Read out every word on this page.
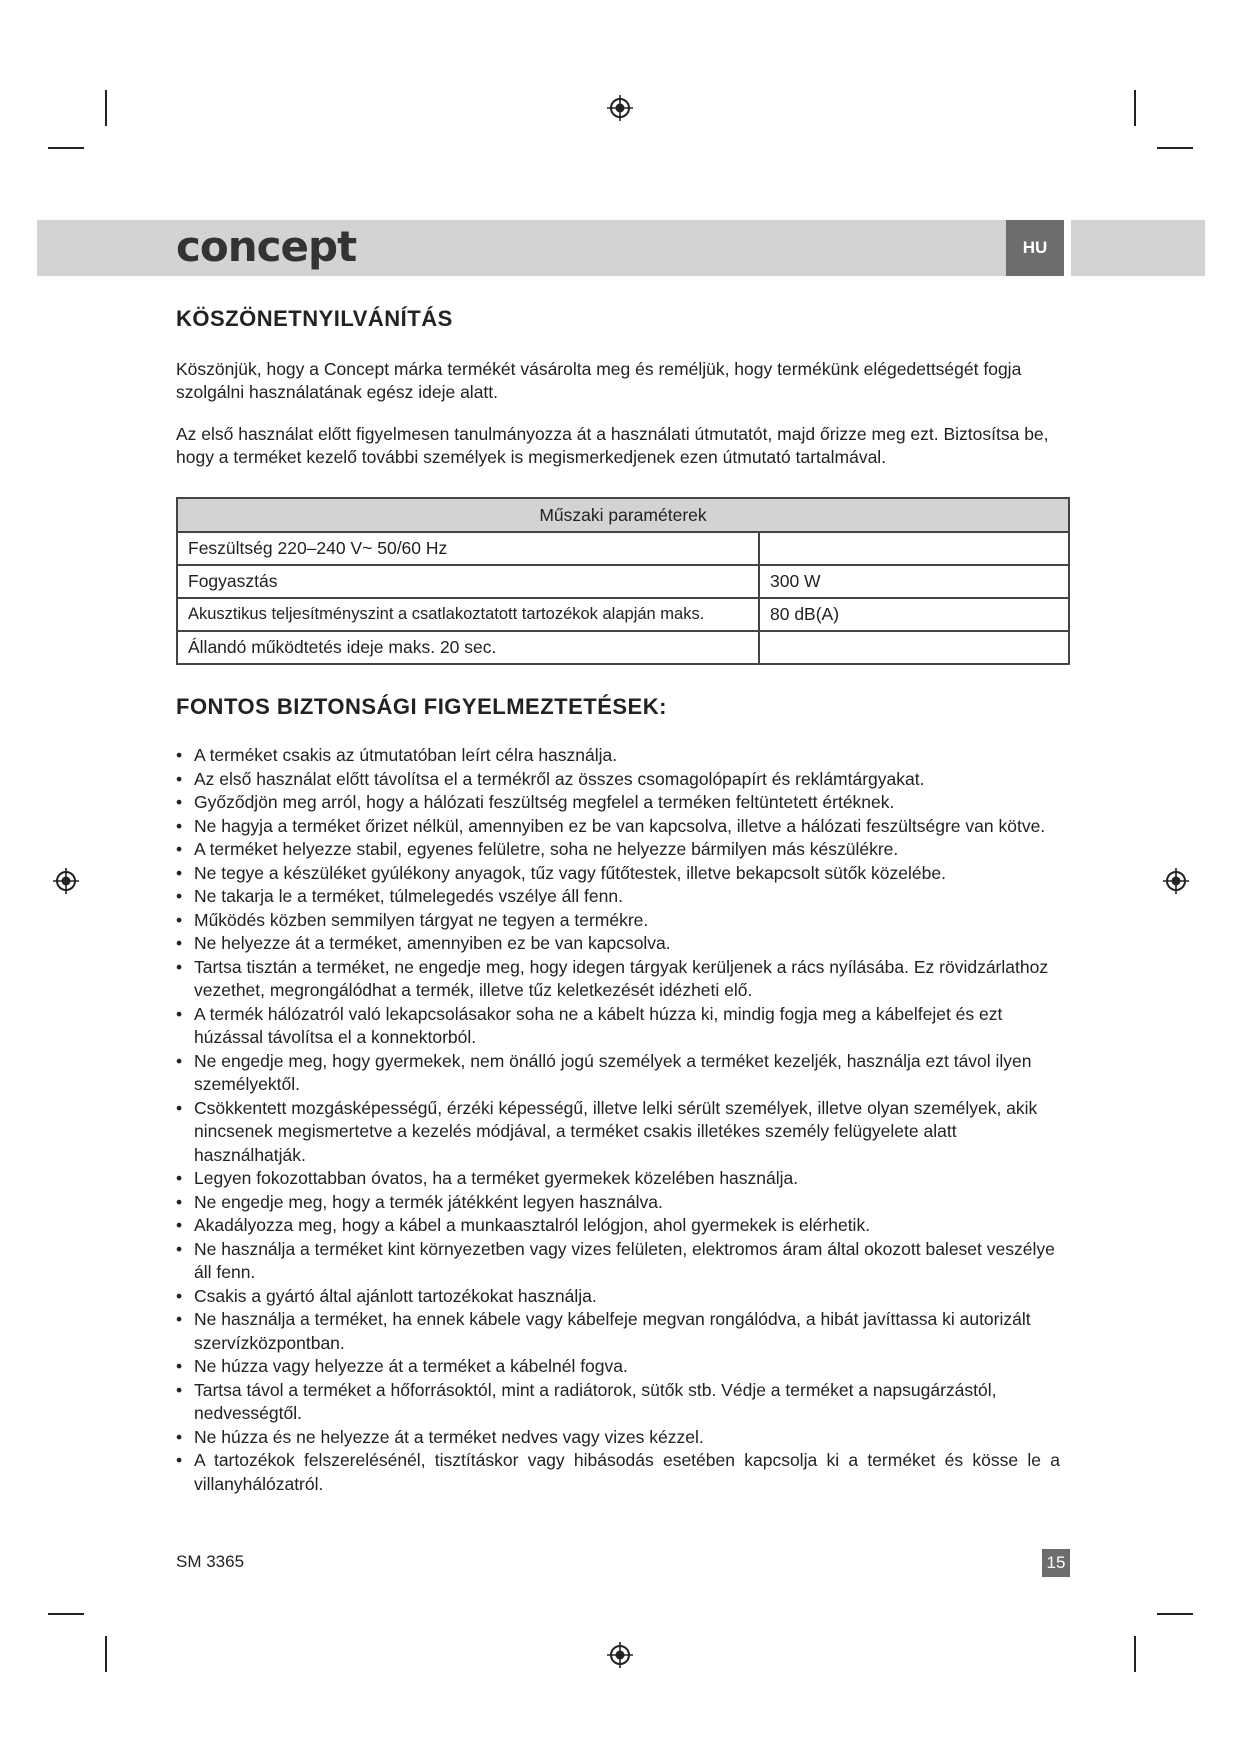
concept	HU
KÖSZÖNETNYILVÁNÍTÁS

Köszönjük, hogy a Concept márka termékét vásárolta meg és reméljük, hogy termékünk elégedettségét fogja szolgálni használatának egész ideje alatt.

Az első használat előtt figyelmesen tanulmányozza át a használati útmutatót, majd őrizze meg ezt. Biztosítsa be, hogy a terméket kezelő további személyek is megismerkedjenek ezen útmutató tartalmával.

Műszaki paraméterek	
Feszültség 220–240 V~ 50/60 Hz	
Fogyasztás	300 W
Akusztikus teljesítményszint a csatlakoztatott tartozékok alapján maks.	80 dB(A)
Állandó működtetés ideje maks. 20 sec.	
FONTOS BIZTONSÁGI FIGYELMEZTETÉSEK:
• A terméket csakis az útmutatóban leírt célra használja.
• Az első használat előtt távolítsa el a termékről az összes csomagolópapírt és reklámtárgyakat.
• Győződjön meg arról, hogy a hálózati feszültség megfelel a terméken feltüntetett értéknek.
• Ne hagyja a terméket őrizet nélkül, amennyiben ez be van kapcsolva, illetve a hálózati feszültségre van kötve.
• A terméket helyezze stabil, egyenes felületre, soha ne helyezze bármilyen más készülékre.
• Ne tegye a készüléket gyúlékony anyagok, tűz vagy fűtőtestek, illetve bekapcsolt sütők közelébe.
• Ne takarja le a terméket, túlmelegedés vszélye áll fenn.
• Működés közben semmilyen tárgyat ne tegyen a termékre.
• Ne helyezze át a terméket, amennyiben ez be van kapcsolva.
• Tartsa tisztán a terméket, ne engedje meg, hogy idegen tárgyak kerüljenek a rács nyílásába. Ez rövidzárlathoz vezethet, megrongálódhat a termék, illetve tűz keletkezését idézheti elő.
• A termék hálózatról való lekapcsolásakor soha ne a kábelt húzza ki, mindig fogja meg a kábelfejet és ezt húzással távolítsa el a konnektorból.
• Ne engedje meg, hogy gyermekek, nem önálló jogú személyek a terméket kezeljék, használja ezt távol ilyen személyektől.
• Csökkentett mozgásképességű, érzéki képességű, illetve lelki sérült személyek, illetve olyan személyek, akik nincsenek megismertetve a kezelés módjával, a terméket csakis illetékes személy felügyelete alatt használhatják.
• Legyen fokozottabban óvatos, ha a terméket gyermekek közelében használja.
• Ne engedje meg, hogy a termék játékként legyen használva.
• Akadályozza meg, hogy a kábel a munkaasztalról lelógjon, ahol gyermekek is elérhetik.
• Ne használja a terméket kint környezetben vagy vizes felületen, elektromos áram által okozott baleset veszélye áll fenn.
• Csakis a gyártó által ajánlott tartozékokat használja.
• Ne használja a terméket, ha ennek kábele vagy kábelfeje megvan rongálódva, a hibát javíttassa ki autorizált szervízközpontban.
• Ne húzza vagy helyezze át a terméket a kábelnél fogva.
• Tartsa távol a terméket a hőforrásoktól, mint a radiátorok, sütők stb. Védje a terméket a napsugárzástól, nedvességtől.
• Ne húzza és ne helyezze át a terméket nedves vagy vizes kézzel.
• A tartozékok felszerelésénél, tisztításkor vagy hibásodás esetében kapcsolja ki a terméket és kösse le a villanyhálózatról.
SM 3365	15
